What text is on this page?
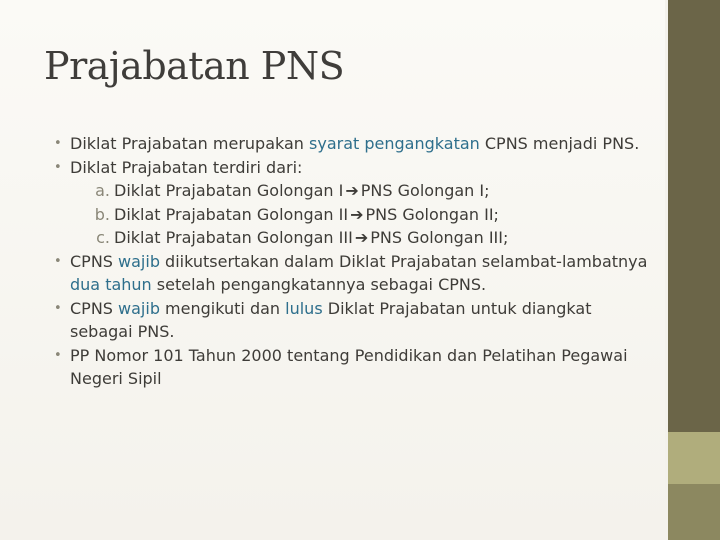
Prajabatan PNS
• Diklat Prajabatan merupakan syarat pengangkatan CPNS menjadi PNS.
• Diklat Prajabatan terdiri dari:
a. Diklat Prajabatan Golongan I➔PNS Golongan I;
b. Diklat Prajabatan Golongan II➔PNS Golongan II;
c. Diklat Prajabatan Golongan III➔PNS Golongan III;
• CPNS wajib diikutsertakan dalam Diklat Prajabatan selambat-lambatnya dua tahun setelah pengangkatannya sebagai CPNS.
• CPNS wajib mengikuti dan lulus Diklat Prajabatan untuk diangkat sebagai PNS.
• PP Nomor 101 Tahun 2000 tentang Pendidikan dan Pelatihan Pegawai Negeri Sipil
